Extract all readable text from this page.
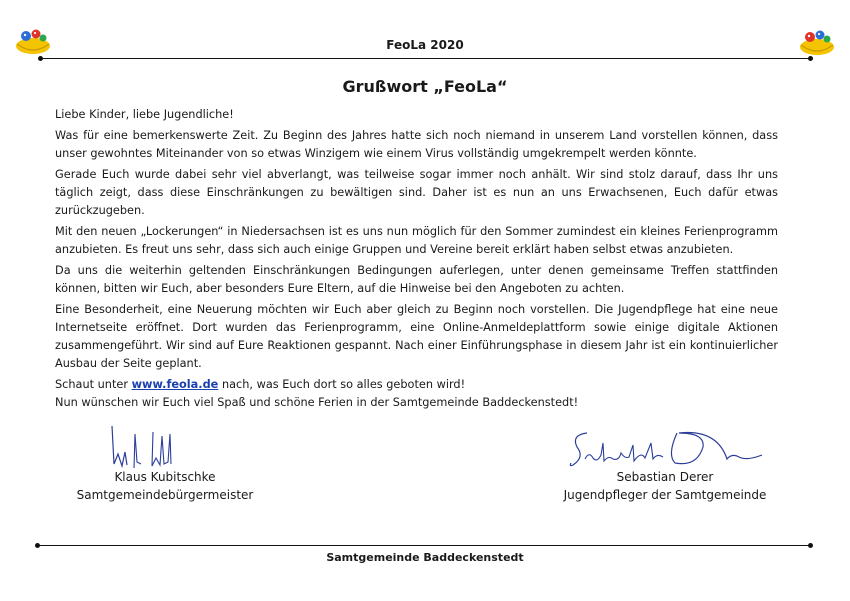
FeoLa 2020
Grußwort „FeoLa“

Liebe Kinder, liebe Jugendliche!

Was für eine bemerkenswerte Zeit. Zu Beginn des Jahres hatte sich noch niemand in unserem Land vorstellen können, dass unser gewohntes Miteinander von so etwas Winzigem wie einem Virus vollständig umgekrempelt werden könnte.

Gerade Euch wurde dabei sehr viel abverlangt, was teilweise sogar immer noch anhält. Wir sind stolz darauf, dass Ihr uns täglich zeigt, dass diese Einschränkungen zu bewältigen sind. Daher ist es nun an uns Erwachsenen, Euch dafür etwas zurückzugeben.

Mit den neuen „Lockerungen“ in Niedersachsen ist es uns nun möglich für den Sommer zumindest ein kleines Ferienprogramm anzubieten. Es freut uns sehr, dass sich auch einige Gruppen und Vereine bereit erklärt haben selbst etwas anzubieten.

Da uns die weiterhin geltenden Einschränkungen Bedingungen auferlegen, unter denen gemeinsame Treffen stattfinden können, bitten wir Euch, aber besonders Eure Eltern, auf die Hinweise bei den Angeboten zu achten.

Eine Besonderheit, eine Neuerung möchten wir Euch aber gleich zu Beginn noch vorstellen. Die Jugendpflege hat eine neue Internetseite eröffnet. Dort wurden das Ferienprogramm, eine Online-Anmeldeplattform sowie einige digitale Aktionen zusammengeführt. Wir sind auf Eure Reaktionen gespannt. Nach einer Einführungsphase in diesem Jahr ist ein kontinuierlicher Ausbau der Seite geplant.

Schaut unter www.feola.de nach, was Euch dort so alles geboten wird!

Nun wünschen wir Euch viel Spaß und schöne Ferien in der Samtgemeinde Baddeckenstedt!
Klaus Kubitschke
Samtgemeindebürgermeister
Sebastian Derer
Jugendpfleger der Samtgemeinde
Samtgemeinde Baddeckenstedt
